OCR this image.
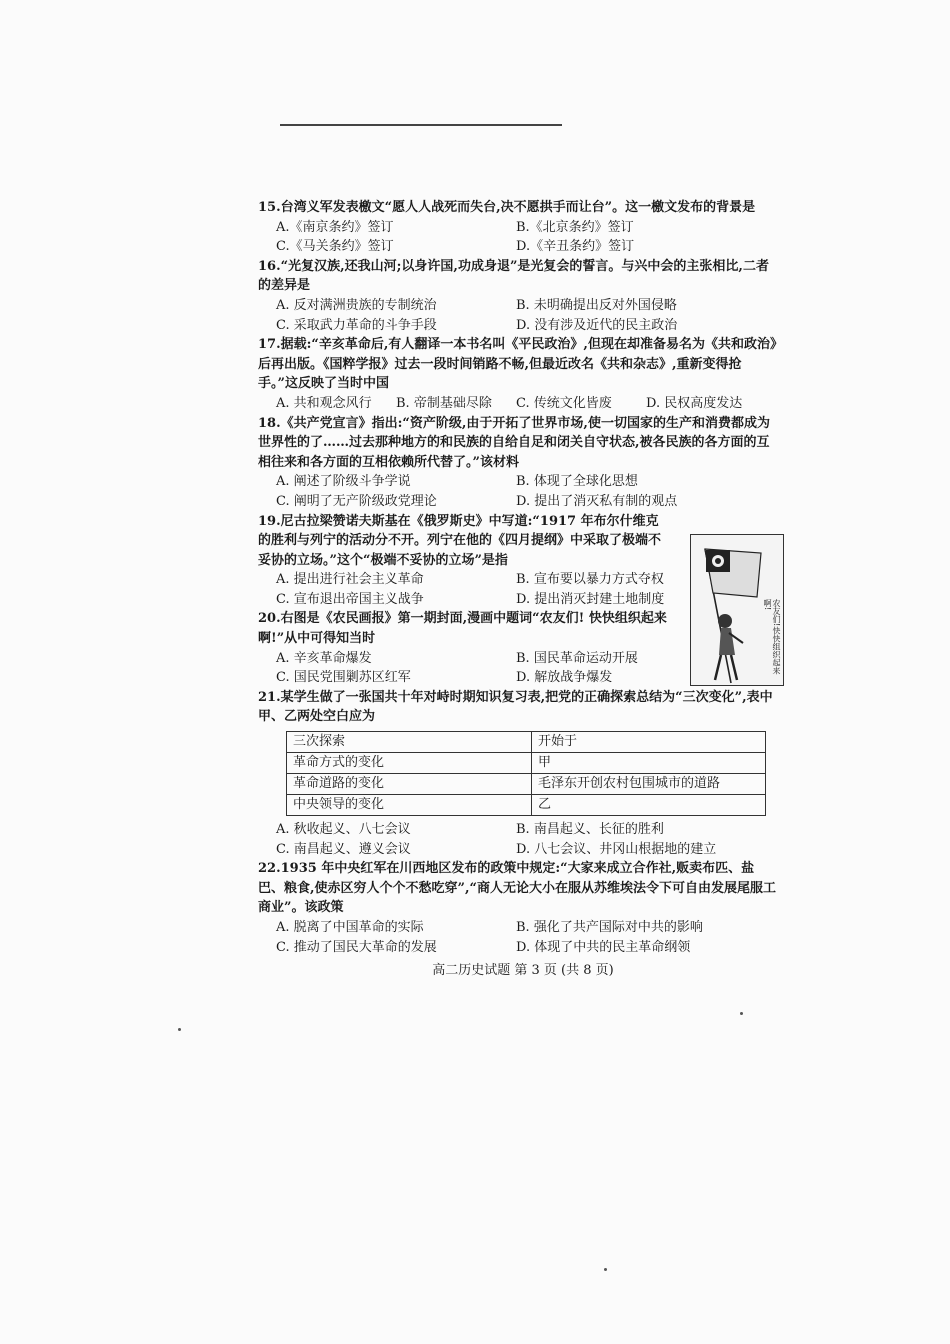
15.台湾义军发表檄文“愿人人战死而失台,决不愿拱手而让台”。这一檄文发布的背景是

A.《南京条约》签订	B.《北京条约》签订
C.《马关条约》签订	D.《辛丑条约》签订

16.“光复汉族,还我山河;以身许国,功成身退”是光复会的誓言。与兴中会的主张相比,二者的差异是

A. 反对满洲贵族的专制统治	B. 未明确提出反对外国侵略
C. 采取武力革命的斗争手段	D. 没有涉及近代的民主政治

17.据载:“辛亥革命后,有人翻译一本书名叫《平民政治》,但现在却准备易名为《共和政治》后再出版。《国粹学报》过去一段时间销路不畅,但最近改名《共和杂志》,重新变得抢手。”这反映了当时中国

A. 共和观念风行	B. 帝制基础尽除	C. 传统文化皆废	D. 民权高度发达

18.《共产党宣言》指出:“资产阶级,由于开拓了世界市场,使一切国家的生产和消费都成为世界性的了……过去那种地方的和民族的自给自足和闭关自守状态,被各民族的各方面的互相往来和各方面的互相依赖所代替了。”该材料

A. 阐述了阶级斗争学说	B. 体现了全球化思想
C. 阐明了无产阶级政党理论	D. 提出了消灭私有制的观点

19.尼古拉梁赞诺夫斯基在《俄罗斯史》中写道:“1917 年布尔什维克的胜利与列宁的活动分不开。列宁在他的《四月提纲》中采取了极端不妥协的立场。”这个“极端不妥协的立场”是指

A. 提出进行社会主义革命	B. 宣布要以暴力方式夺权
C. 宣布退出帝国主义战争	D. 提出消灭封建土地制度

20.右图是《农民画报》第一期封面,漫画中题词“农友们! 快快组织起来啊!”从中可得知当时

A. 辛亥革命爆发	B. 国民革命运动开展
C. 国民党围剿苏区红军	D. 解放战争爆发
农友们!快快组织起来啊!

21.某学生做了一张国共十年对峙时期知识复习表,把党的正确探索总结为“三次变化”,表中甲、乙两处空白应为

三次探索	开始于
革命方式的变化	甲
革命道路的变化	毛泽东开创农村包围城市的道路
中央领导的变化	乙
A. 秋收起义、八七会议	B. 南昌起义、长征的胜利
C. 南昌起义、遵义会议	D. 八七会议、井冈山根据地的建立

22.1935 年中央红军在川西地区发布的政策中规定:“大家来成立合作社,贩卖布匹、盐巴、粮食,使赤区穷人个个不愁吃穿”,“商人无论大小在服从苏维埃法令下可自由发展尾服工商业”。该政策

A. 脱离了中国革命的实际	B. 强化了共产国际对中共的影响
C. 推动了国民大革命的发展	D. 体现了中共的民主革命纲领
高二历史试题 第 3 页 (共 8 页)
